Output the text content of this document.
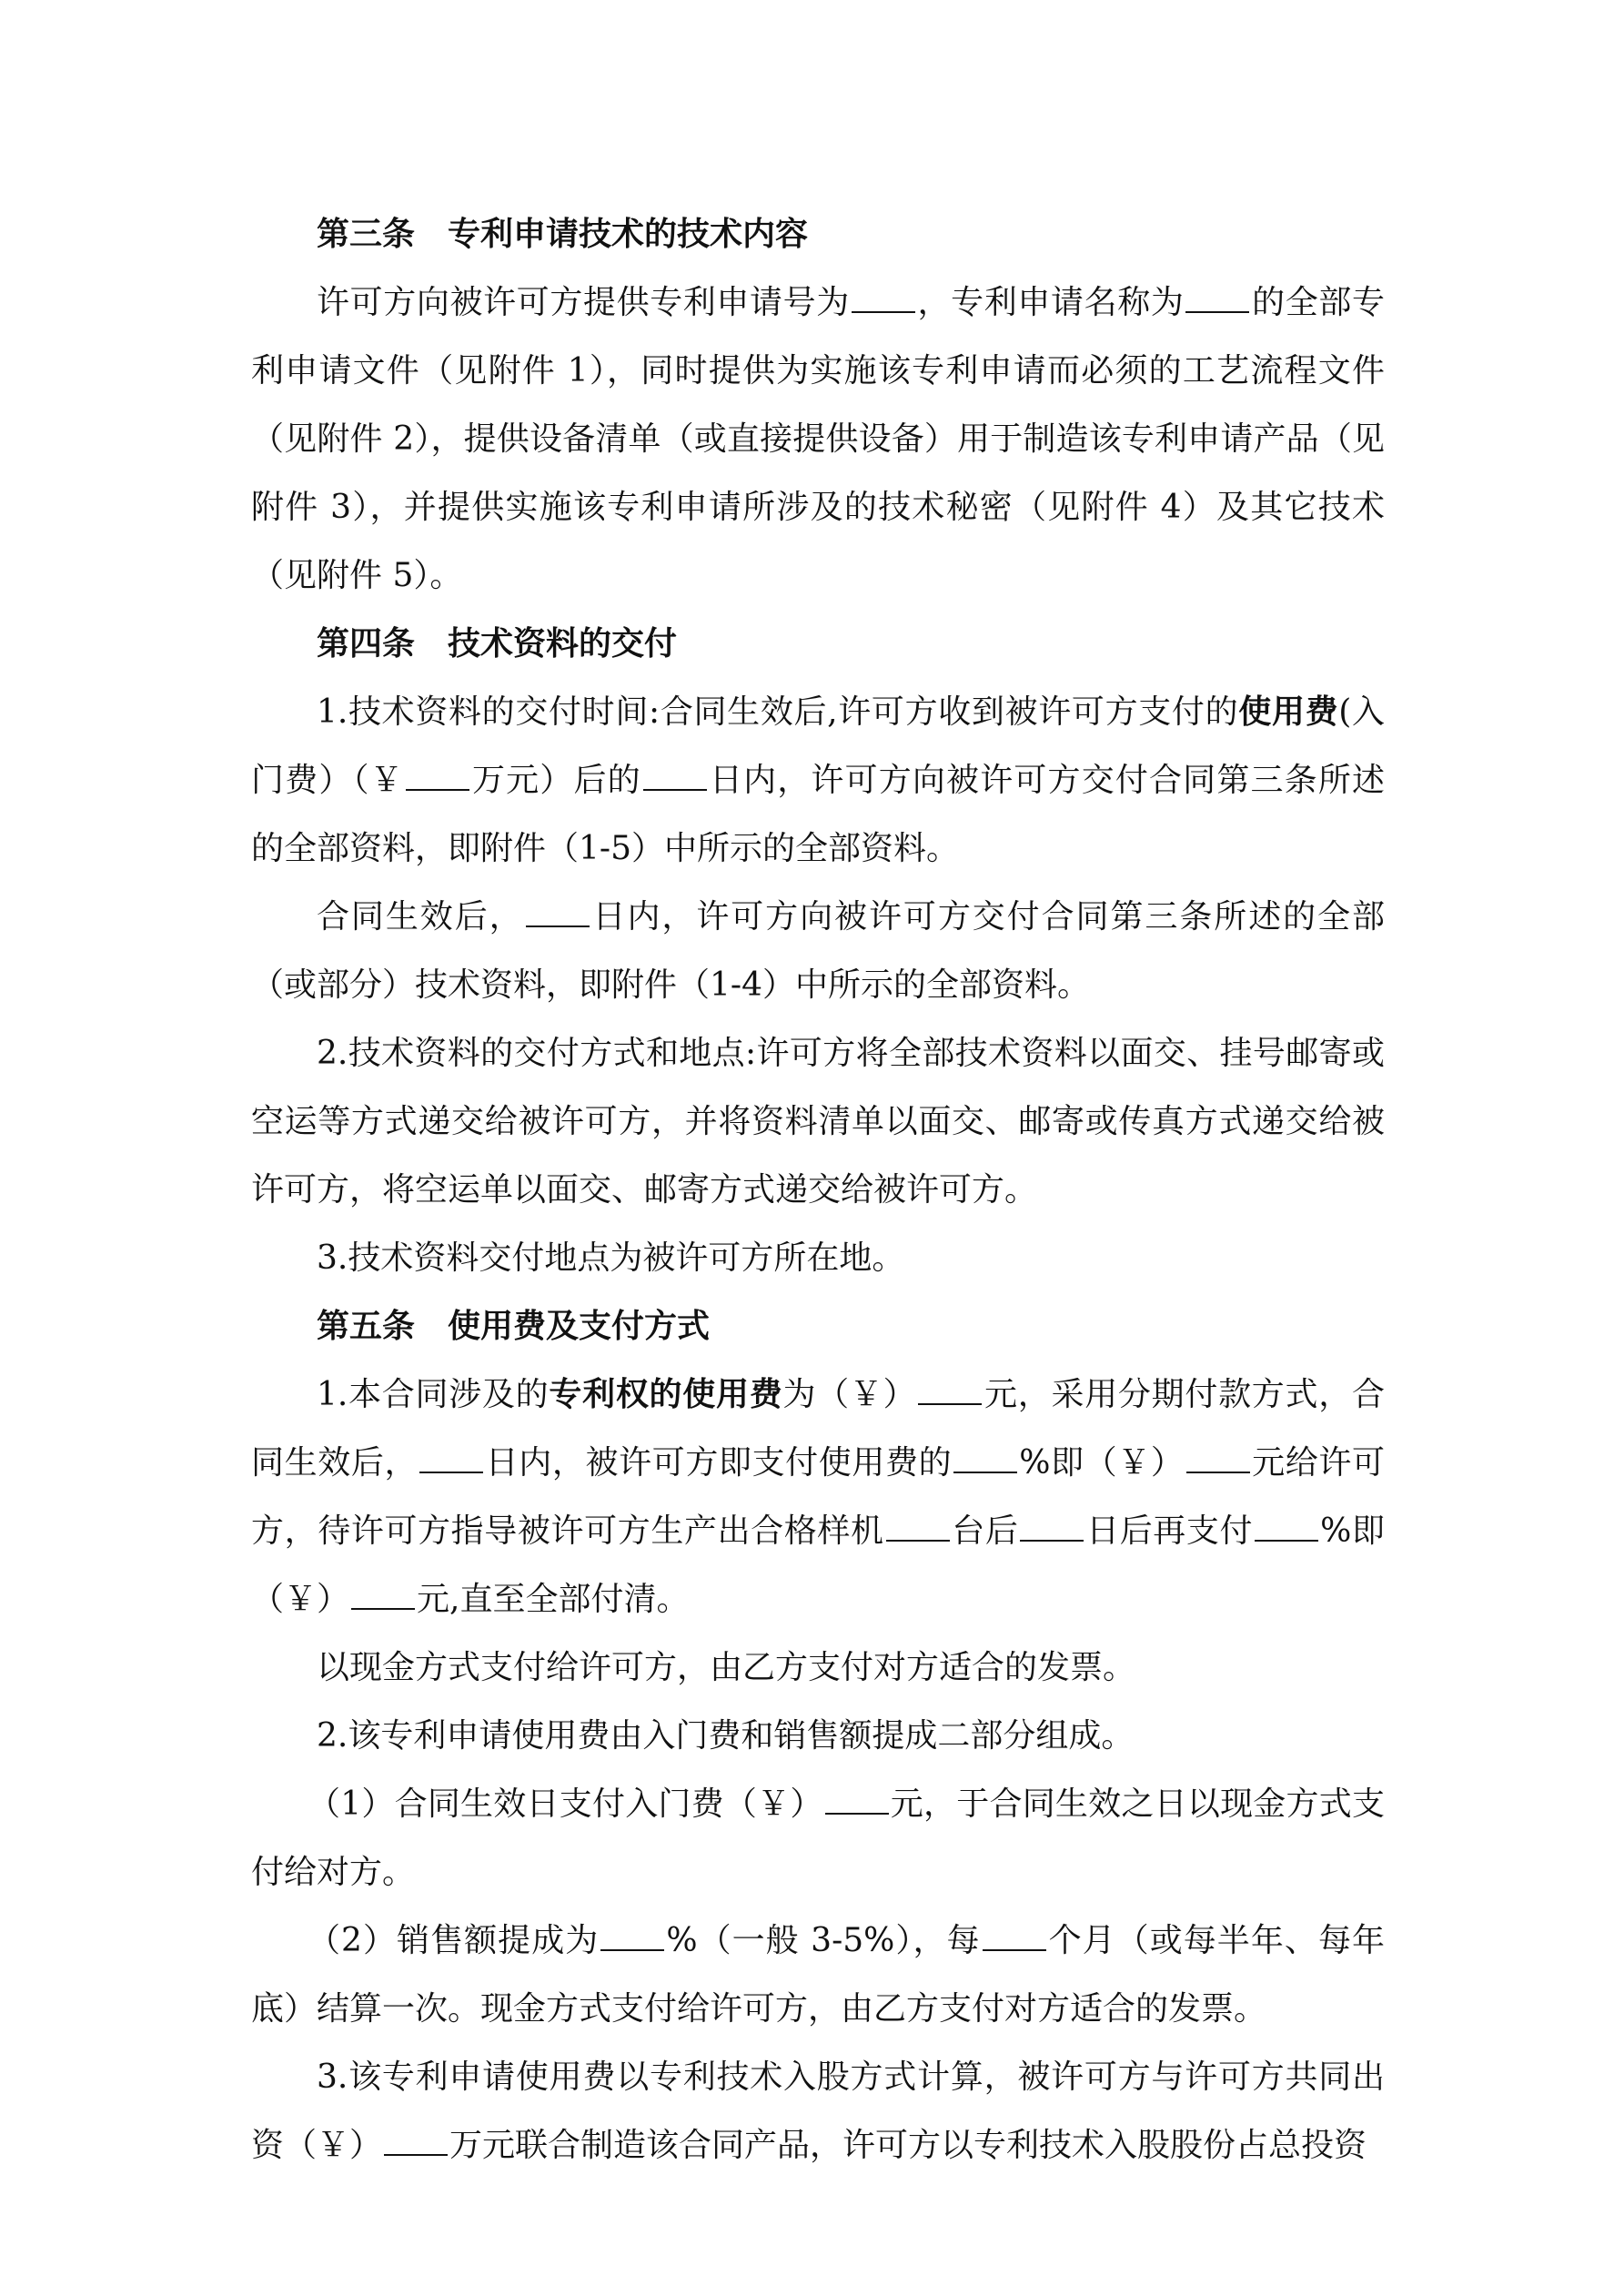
第三条 专利申请技术的技术内容

许可方向被许可方提供专利申请号为 ，专利申请名称为 的全部专利申请文件（见附件 1），同时提供为实施该专利申请而必须的工艺流程文件（见附件 2），提供设备清单（或直接提供设备）用于制造该专利申请产品（见附件 3），并提供实施该专利申请所涉及的技术秘密（见附件 4）及其它技术（见附件 5）。

第四条 技术资料的交付

1.技术资料的交付时间:合同生效后,许可方收到被许可方支付的使用费(入门费）（￥ 万元）后的 日内，许可方向被许可方交付合同第三条所述的全部资料，即附件（1-5）中所示的全部资料。

合同生效后， 日内，许可方向被许可方交付合同第三条所述的全部（或部分）技术资料，即附件（1-4）中所示的全部资料。

2.技术资料的交付方式和地点:许可方将全部技术资料以面交、挂号邮寄或空运等方式递交给被许可方，并将资料清单以面交、邮寄或传真方式递交给被许可方，将空运单以面交、邮寄方式递交给被许可方。

3.技术资料交付地点为被许可方所在地。

第五条 使用费及支付方式

1.本合同涉及的专利权的使用费为（￥） 元，采用分期付款方式，合同生效后， 日内，被许可方即支付使用费的 %即（￥） 元给许可方，待许可方指导被许可方生产出合格样机 台后 日后再支付 %即（￥） 元,直至全部付清。

以现金方式支付给许可方，由乙方支付对方适合的发票。

2.该专利申请使用费由入门费和销售额提成二部分组成。

（1）合同生效日支付入门费（￥） 元，于合同生效之日以现金方式支付给对方。

（2）销售额提成为 %（一般 3-5%），每 个月（或每半年、每年底）结算一次。现金方式支付给许可方，由乙方支付对方适合的发票。

3.该专利申请使用费以专利技术入股方式计算，被许可方与许可方共同出资（￥） 万元联合制造该合同产品，许可方以专利技术入股股份占总投资
